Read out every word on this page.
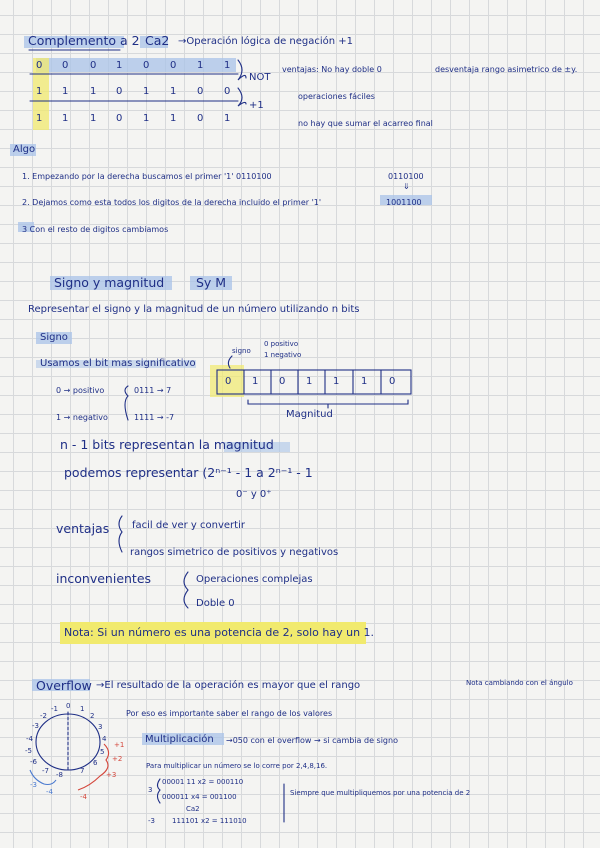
Complemento a 2 Ca2 →Operación lógica de negación +1
0 0 0 1 0 0 1 1
1 1 1 0 1 1 0 0
1 1 1 0 1 1 0 1
NOT
+1
ventajas: No hay doble 0	desventaja rango asimetrico de ±y.
operaciones fáciles
no hay que sumar el acarreo final
Algo
1. Empezando por la derecha buscamos el primer '1' 0110100
2. Dejamos como esta todos los digitos de la derecha incluido el primer '1'
3 Con el resto de digitos cambiamos
0110100
⇓
1001100
Signo y magnitud	Sy M
Representar el signo y la magnitud de un número utilizando n bits
Signo
Usamos el bit mas significativo
0 → positivo
1 → negativo
0111 → 7
1111 → -7
signo
0 positivo
1 negativo
0 1 0 1 1 1 0
Magnitud
n - 1 bits representan la magnitud
podemos representar (2ⁿ⁻¹ - 1 a 2ⁿ⁻¹ - 1
0⁻ y 0⁺
ventajas facil de ver y convertir
rangos simetrico de positivos y negativos
inconvenientes	Operaciones complejas
Doble 0
Nota: Si un número es una potencia de 2, solo hay un 1.
Overflow →El resultado de la operación es mayor que el rango	Nota cambiando con el ángulo
Por eso es importante saber el rango de los valores
Multiplicación →050 con el overflow → si cambia de signo
Para multiplicar un número se lo corre por 2,4,8,16.
3
00001 11 x2 = 000110
000011 x4 = 001100
Ca2
-3 111101 x2 = 111010
Siempre que multipliquemos por una potencia de 2
-1
-2
-3
-4
-5
-6
-7 -8
0 1
2
3
4
5
6
7
+1
+2
+3
-4
-3
-4
